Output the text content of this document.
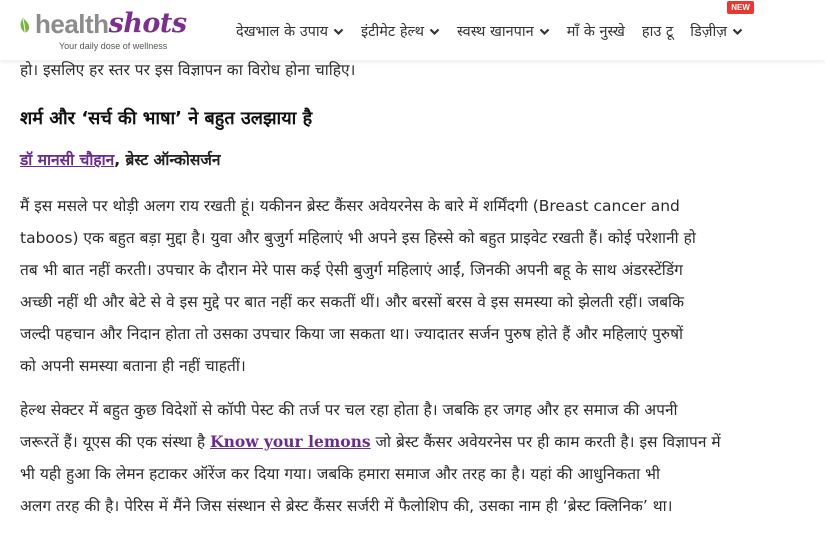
health shots
Your daily dose of wellness
देखभाल के उपाय इंटीमेट हेल्थ स्वस्थ खानपान माँ के नुस्खे हाउ टू
NEW
डिज़ीज़
हो। इसलिए हर स्तर पर इस विज्ञापन का विरोध होना चाहिए।
शर्म और ‘सर्च की भाषा’ ने बहुत उलझाया है
डॉ मानसी चौहान, ब्रेस्ट ऑन्कोसर्जन
मैं इस मसले पर थोड़ी अलग राय रखती हूं। यकीनन ब्रेस्ट कैंसर अवेयरनेस के बारे में शर्मिंदगी (Breast cancer and
taboos) एक बहुत बड़ा मुद्दा है। युवा और बुजुर्ग महिलाएं भी अपने इस हिस्से को बहुत प्राइवेट रखती हैं। कोई परेशानी हो
तब भी बात नहीं करती। उपचार के दौरान मेरे पास कई ऐसी बुजुर्ग महिलाएं आईं, जिनकी अपनी बहू के साथ अंडरस्टेंडिंग
अच्छी नहीं थी और बेटे से वे इस मुद्दे पर बात नहीं कर सकतीं थीं। और बरसों बरस वे इस समस्या को झेलती रहीं। जबकि
जल्दी पहचान और निदान होता तो उसका उपचार किया जा सकता था। ज्यादातर सर्जन पुरुष होते हैं और महिलाएं पुरुषों
को अपनी समस्या बताना ही नहीं चाहतीं।
हेल्थ सेक्टर में बहुत कुछ विदेशों से कॉपी पेस्ट की तर्ज पर चल रहा होता है। जबकि हर जगह और हर समाज की अपनी
जरूरतें हैं। यूएस की एक संस्था है Know your lemons जो ब्रेस्ट कैंसर अवेयरनेस पर ही काम करती है। इस विज्ञापन में
भी यही हुआ कि लेमन हटाकर ऑरेंज कर दिया गया। जबकि हमारा समाज और तरह का है। यहां की आधुनिकता भी
अलग तरह की है। पेरिस में मैंने जिस संस्थान से ब्रेस्ट कैंसर सर्जरी में फैलोशिप की, उसका नाम ही ‘ब्रेस्ट क्लिनिक’ था।
